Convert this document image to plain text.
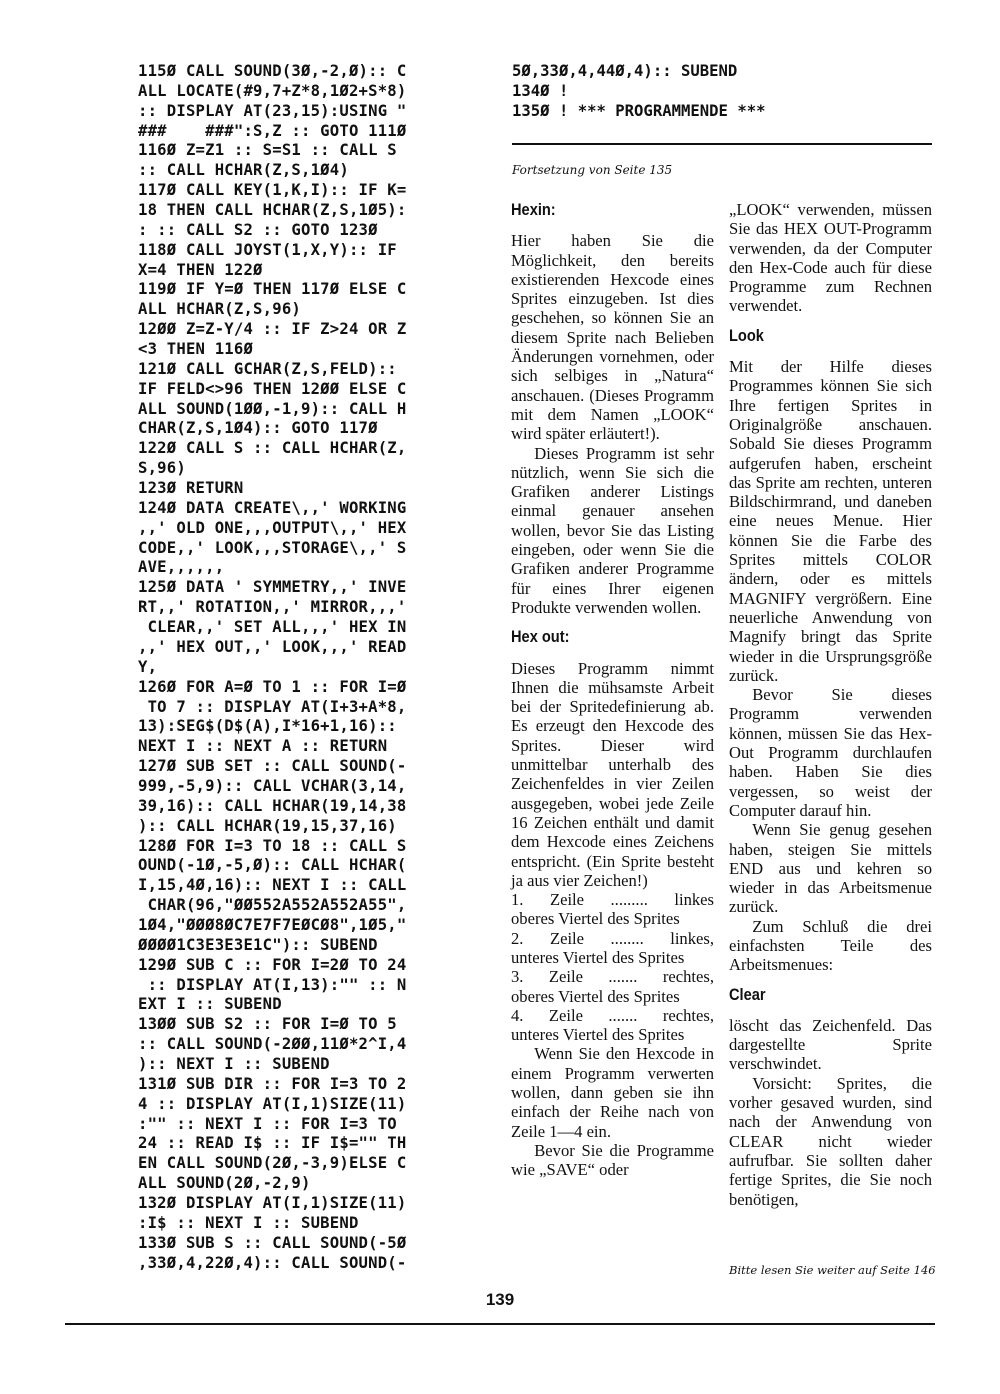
115Ø CALL SOUND(3Ø,-2,Ø):: C
ALL LOCATE(#9,7+Z*8,1Ø2+S*8)
:: DISPLAY AT(23,15):USING "
###    ###":S,Z :: GOTO 111Ø
116Ø Z=Z1 :: S=S1 :: CALL S
:: CALL HCHAR(Z,S,1Ø4)
117Ø CALL KEY(1,K,I):: IF K=
18 THEN CALL HCHAR(Z,S,1Ø5):
: :: CALL S2 :: GOTO 123Ø
118Ø CALL JOYST(1,X,Y):: IF
X=4 THEN 122Ø
119Ø IF Y=Ø THEN 117Ø ELSE C
ALL HCHAR(Z,S,96)
12ØØ Z=Z-Y/4 :: IF Z>24 OR Z
<3 THEN 116Ø
121Ø CALL GCHAR(Z,S,FELD)::
IF FELD<>96 THEN 12ØØ ELSE C
ALL SOUND(1ØØ,-1,9):: CALL H
CHAR(Z,S,1Ø4):: GOTO 117Ø
122Ø CALL S :: CALL HCHAR(Z,
S,96)
123Ø RETURN
124Ø DATA CREATE\,,' WORKING
,,' OLD ONE,,,OUTPUT\,,' HEX
CODE,,' LOOK,,,STORAGE\,,' S
AVE,,,,,,
125Ø DATA ' SYMMETRY,,' INVE
RT,,' ROTATION,,' MIRROR,,,'
CLEAR,,' SET ALL,,,' HEX IN
,,' HEX OUT,,' LOOK,,,' READ
Y,
126Ø FOR A=Ø TO 1 :: FOR I=Ø
TO 7 :: DISPLAY AT(I+3+A*8,
13):SEG$(D$(A),I*16+1,16)::
NEXT I :: NEXT A :: RETURN
127Ø SUB SET :: CALL SOUND(-
999,-5,9):: CALL VCHAR(3,14,
39,16):: CALL HCHAR(19,14,38
):: CALL HCHAR(19,15,37,16)
128Ø FOR I=3 TO 18 :: CALL S
OUND(-1Ø,-5,Ø):: CALL HCHAR(
I,15,4Ø,16):: NEXT I :: CALL
CHAR(96,"ØØ552A552A552A55",
1Ø4,"ØØØ8ØC7E7F7EØCØ8",1Ø5,"
ØØØØ1C3E3E3E1C"):: SUBEND
129Ø SUB C :: FOR I=2Ø TO 24
:: DISPLAY AT(I,13):"" :: N
EXT I :: SUBEND
13ØØ SUB S2 :: FOR I=Ø TO 5
:: CALL SOUND(-2ØØ,11Ø*2^I,4
):: NEXT I :: SUBEND
131Ø SUB DIR :: FOR I=3 TO 2
4 :: DISPLAY AT(I,1)SIZE(11)
:"" :: NEXT I :: FOR I=3 TO
24 :: READ I$ :: IF I$="" TH
EN CALL SOUND(2Ø,-3,9)ELSE C
ALL SOUND(2Ø,-2,9)
132Ø DISPLAY AT(I,1)SIZE(11)
:I$ :: NEXT I :: SUBEND
133Ø SUB S :: CALL SOUND(-5Ø
,33Ø,4,22Ø,4):: CALL SOUND(-
5Ø,33Ø,4,44Ø,4):: SUBEND
134Ø !
135Ø ! *** PROGRAMMENDE ***
Fortsetzung von Seite 135
Hexin:

Hier haben Sie die Möglichkeit, den bereits existierenden Hexcode eines Sprites einzugeben. Ist dies geschehen, so können Sie an diesem Sprite nach Belieben Änderungen vornehmen, oder sich selbiges in „Natura“ anschauen. (Dieses Programm mit dem Namen „LOOK“ wird später erläutert!).

Dieses Programm ist sehr nützlich, wenn Sie sich die Grafiken anderer Listings einmal genauer ansehen wollen, bevor Sie das Listing eingeben, oder wenn Sie die Grafiken anderer Programme für eines Ihrer eigenen Produkte verwenden wollen.

Hex out:

Dieses Programm nimmt Ihnen die mühsamste Arbeit bei der Spritedefinierung ab. Es erzeugt den Hexcode des Sprites. Dieser wird unmittelbar unterhalb des Zeichenfeldes in vier Zeilen ausgegeben, wobei jede Zeile 16 Zeichen enthält und damit dem Hexcode eines Zeichens entspricht. (Ein Sprite besteht ja aus vier Zeichen!)

1. Zeile ......... linkes

oberes Viertel des Sprites

2. Zeile ........ linkes,

unteres Viertel des Sprites

3. Zeile ....... rechtes,

oberes Viertel des Sprites

4. Zeile ....... rechtes,

unteres Viertel des Sprites

Wenn Sie den Hexcode in einem Programm verwerten wollen, dann geben sie ihn einfach der Reihe nach von Zeile 1—4 ein.

Bevor Sie die Programme wie „SAVE“ oder

„LOOK“ verwenden, müssen Sie das HEX OUT-Programm verwenden, da der Computer den Hex-Code auch für diese Programme zum Rechnen verwendet.

Look

Mit der Hilfe dieses Programmes können Sie sich Ihre fertigen Sprites in Originalgröße anschauen. Sobald Sie dieses Programm aufgerufen haben, erscheint das Sprite am rechten, unteren Bildschirmrand, und daneben eine neues Menue. Hier können Sie die Farbe des Sprites mittels COLOR ändern, oder es mittels MAGNIFY vergrößern. Eine neuerliche Anwendung von Magnify bringt das Sprite wieder in die Ursprungsgröße zurück.

Bevor Sie dieses Programm verwenden können, müssen Sie das Hex-Out Programm durchlaufen haben. Haben Sie dies vergessen, so weist der Computer darauf hin.

Wenn Sie genug gesehen haben, steigen Sie mittels END aus und kehren so wieder in das Arbeitsmenue zurück.

Zum Schluß die drei einfachsten Teile des Arbeitsmenues:

Clear

löscht das Zeichenfeld. Das dargestellte Sprite verschwindet.

Vorsicht: Sprites, die vorher gesaved wurden, sind nach der Anwendung von CLEAR nicht wieder aufrufbar. Sie sollten daher fertige Sprites, die Sie noch benötigen,

Bitte lesen Sie weiter auf Seite 146
139
